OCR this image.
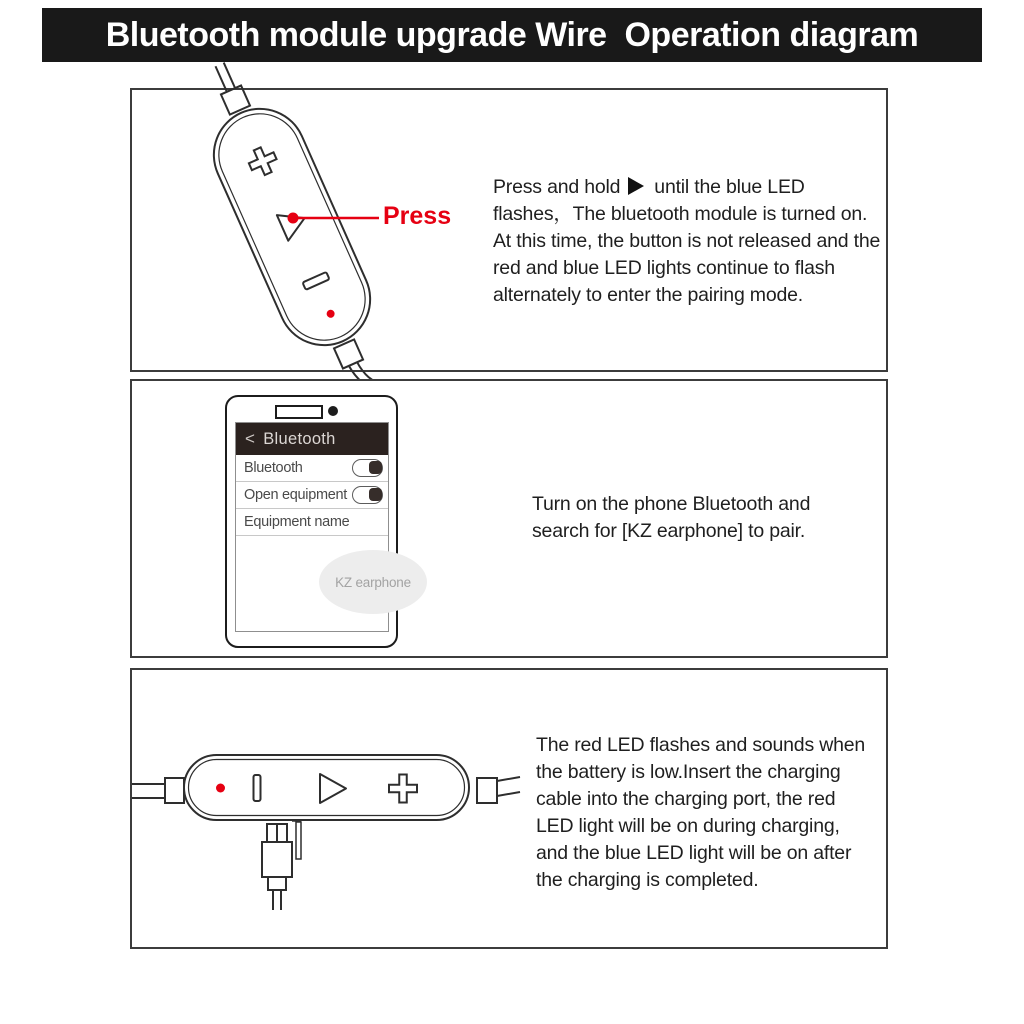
Bluetooth module upgrade Wire  Operation diagram
Press
Press and hold until the blue LED flashes，The bluetooth module is turned on. At this time, the button is not released and the red and blue LED lights continue to flash alternately to enter the pairing mode.
< Bluetooth
Bluetooth
Open equipment
Equipment name
KZ earphone
Turn on the phone Bluetooth and search for [KZ earphone] to pair.
The red LED flashes and sounds when the battery is low.Insert the charging cable into the charging port, the red LED light will be on during charging, and the blue LED light will be on after the charging is completed.
